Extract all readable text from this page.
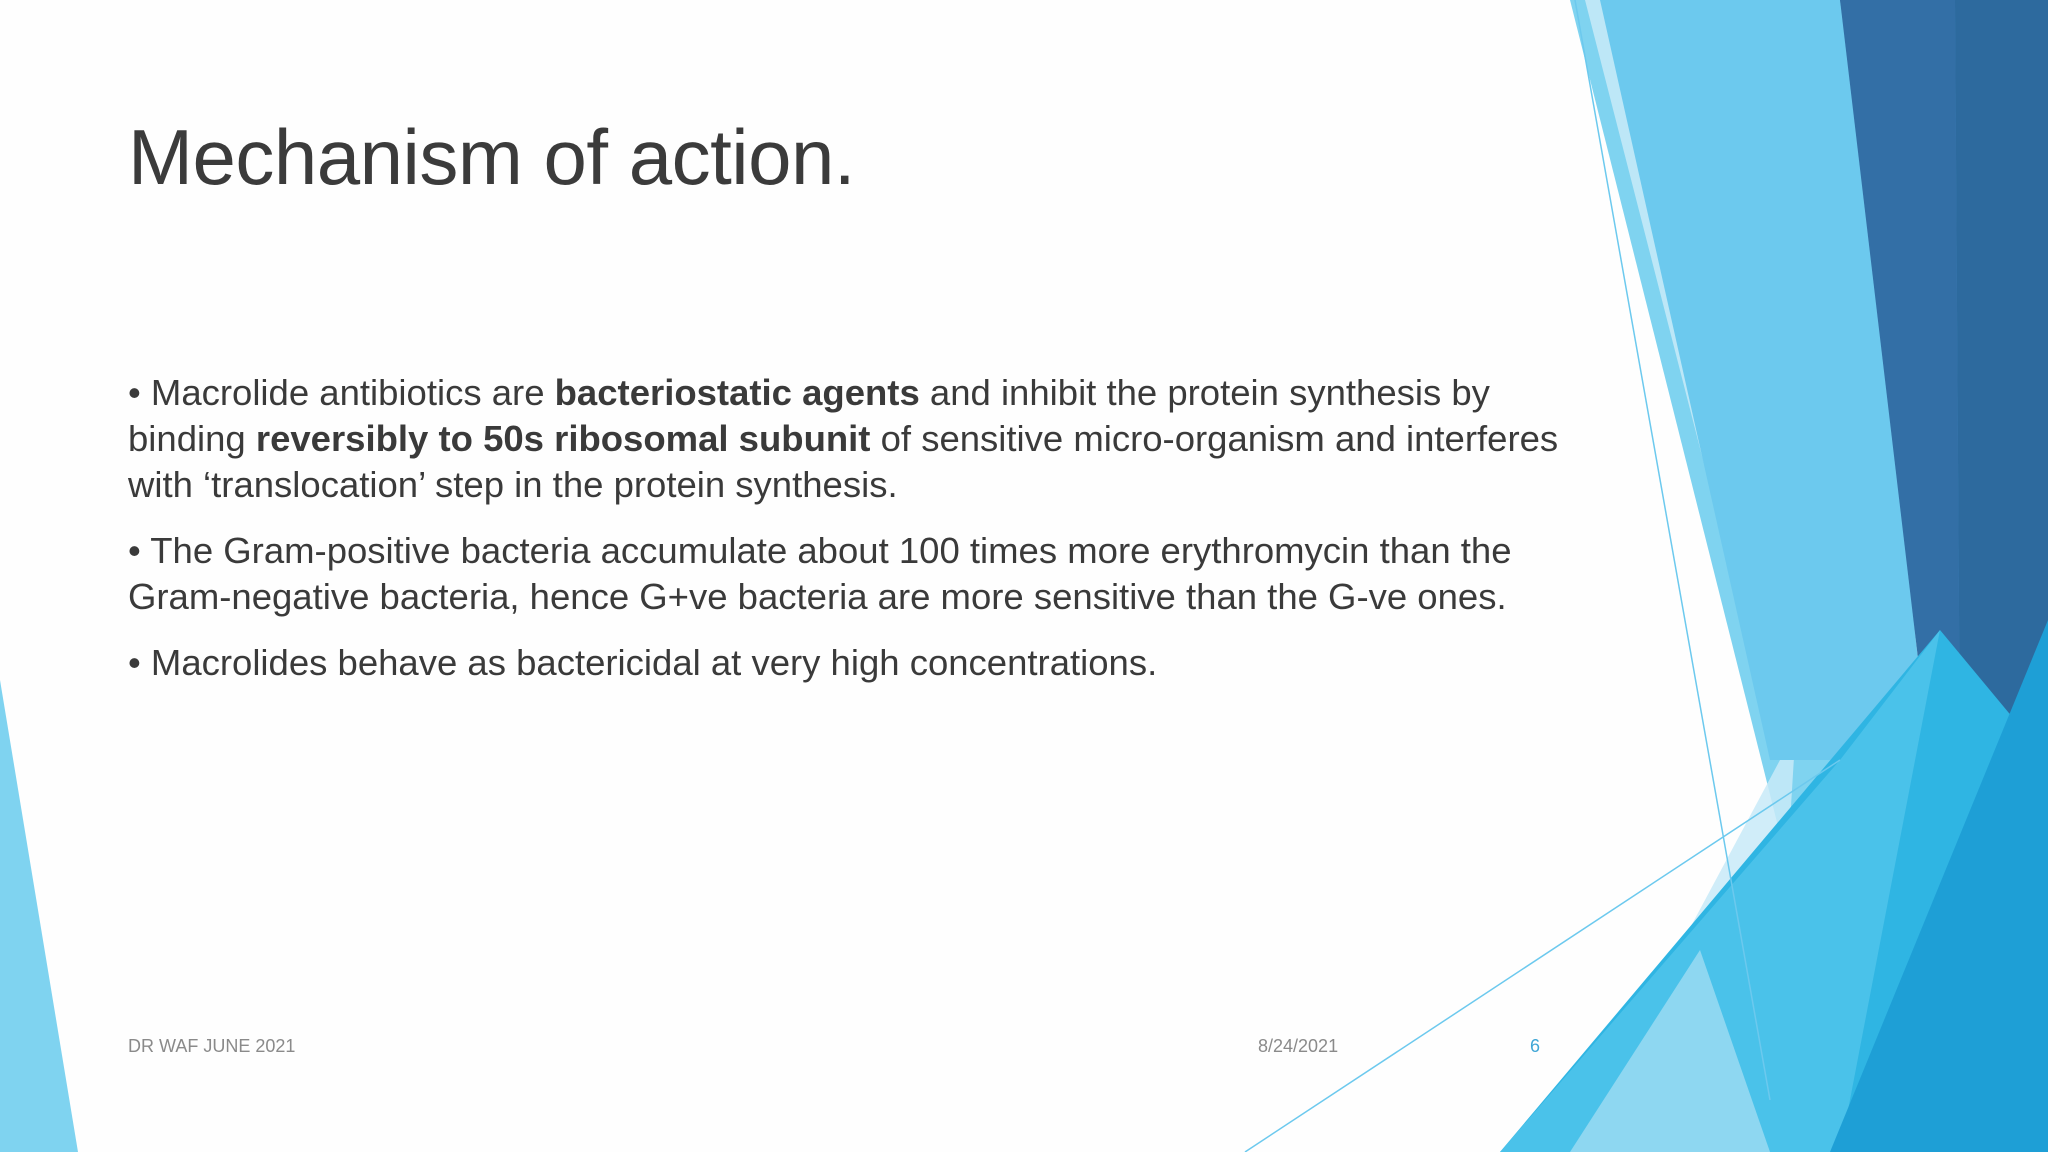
Mechanism of action.

• Macrolide antibiotics are bacteriostatic agents and inhibit the protein synthesis by binding reversibly to 50s ribosomal subunit of sensitive micro-organism and interferes with ‘translocation’ step in the protein synthesis.

• The Gram-positive bacteria accumulate about 100 times more erythromycin than the Gram-negative bacteria, hence G+ve bacteria are more sensitive than the G-ve ones.

• Macrolides behave as bactericidal at very high concentrations.

DR WAF JUNE 2021	8/24/2021	6
